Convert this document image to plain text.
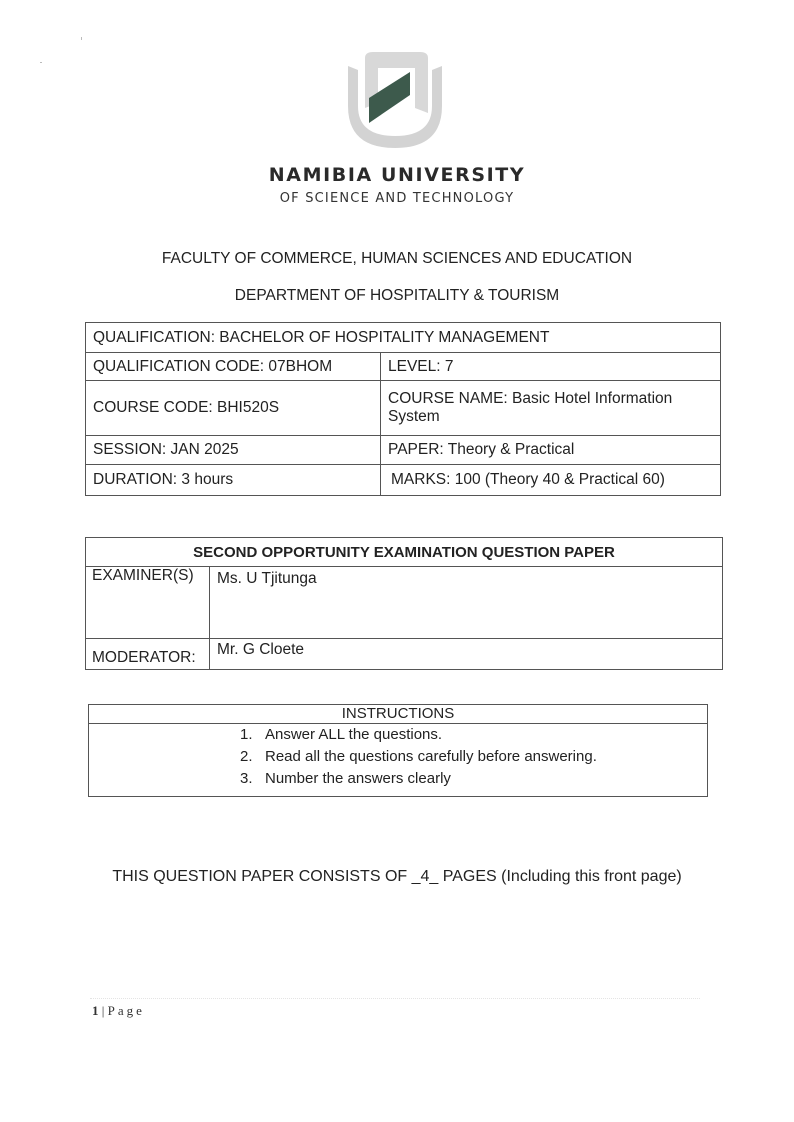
NAMIBIA UNIVERSITY
OF SCIENCE AND TECHNOLOGY
FACULTY OF COMMERCE, HUMAN SCIENCES AND EDUCATION
DEPARTMENT OF HOSPITALITY & TOURISM
QUALIFICATION: BACHELOR OF HOSPITALITY MANAGEMENT	
QUALIFICATION CODE: 07BHOM	LEVEL: 7
COURSE CODE: BHI520S	COURSE NAME: Basic Hotel Information
System

SESSION: JAN 2025	PAPER: Theory & Practical
DURATION: 3 hours	MARKS: 100 (Theory 40 & Practical 60)
SECOND OPPORTUNITY EXAMINATION QUESTION PAPER	
EXAMINER(S)	Ms. U Tjitunga
MODERATOR:	Mr. G Cloete
INSTRUCTIONS
1. Answer ALL the questions.
2. Read all the questions carefully before answering.
3. Number the answers clearly
THIS QUESTION PAPER CONSISTS OF _4_ PAGES (Including this front page)
1 | Page
